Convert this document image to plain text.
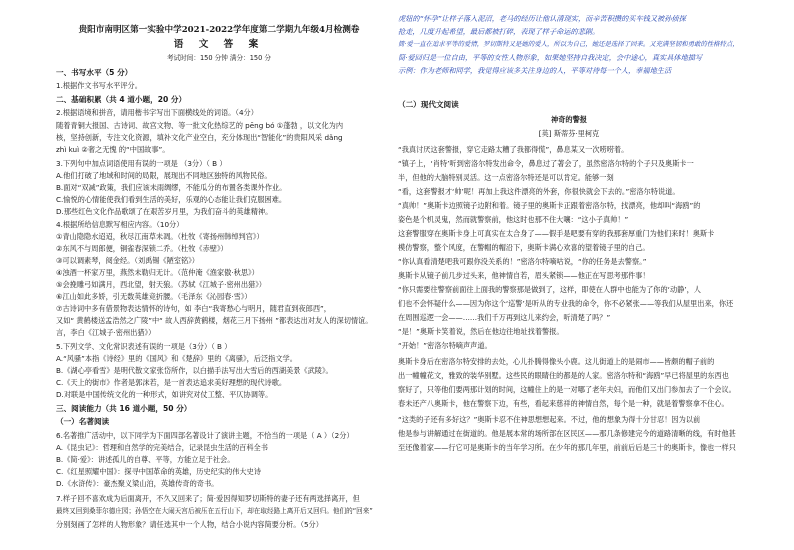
贵阳市南明区第一实验中学2021-2022学年度第二学期九年级4月检测卷
语 文 答 案
考试时间：150 分钟 满分：150 分
一、书写水平（5 分）
1.根据作文书写水平评分。
二、基础积累（共 4 道小题，20 分）
2.根据语境和拼音，请用楷书字写出下面横线处的词语。（4分）
随着青铜大报国、古诗词、故宫文物、等一批文化热综艺的 pēng bó ①蓬勃 ，以文化为内
核，坚持创新，专注文化资源，填补文化产业空白，充分体现出“智能化”的贵阳风采 dǎng
zhì kuì ②奢之无愧 的“中国故事”。
3.下列句中加点词语使用有误的一项是 （3分）（ B ）
A.他们打破了地域和时间的局限，展现出不同地区独特的风物民俗。
B.面对“双减”政策，我们应该未雨绸缪，不能瓜分的布置各类课外作业。
C.愉悦的心情能使我们看到生活的美好，乐观的心态能让我们克服困难。
D.那些红色文化作品歌颂了在艰苦岁月里，为我们奋斗的英雄精神。
4.根据所给信息默写相应内容。（10分）
①青山隐隐水迢迢，秋尽江南草未凋。（杜牧《寄扬州韩绰判官》）
②东风不与周郎便，铜雀春深锁二乔。（杜牧《赤壁》）
③可以调素琴，阅金经。（刘禹锡《陋室铭》）
④浊酒一杯家万里，燕然未勒归无计。（范仲淹《渔家傲·秋思》）
⑤会挽雕弓如满月，西北望，射天狼。（苏轼《江城子·密州出猎》）
⑥江山如此多娇，引无数英雄竞折腰。（毛泽东《沁园春·雪》）
⑦古诗词中多有借景物表达情怀的诗句，如 李白“我寄愁心与明月，随君直到夜郎西”，
又如“ 黄鹤楼送孟浩然之广陵”中“ 故人西辞黄鹤楼，烟花三月下扬州 ”都表达出对友人的深切情谊。
言，李白《江城子·密州出猎》）
5.下列文学、文化常识表述有误的一项是（3分）（ B ）
A.“风骚”本指《诗经》里的《国风》和《楚辞》里的《离骚》，后泛指文学。
B.《湖心亭看雪》是明代散文家张岱所作，以白描手法写出大雪后的西湖美景《武陵》。
C.《天上的街市》作者是郭沫若，是一首表达追求美好理想的现代诗歌。
D.对联是中国传统文化的一种形式，如讲究对仗工整、平仄协调等。
三、阅读能力（共 16 道小题，50 分）
（一）名著阅读
6.名著推广活动中，以下同学为下面四部名著设计了演讲主题，不恰当的一项是（ A ）（2分）
A.《昆虫记》：哲理和自然学的完美结合，记录昆虫生活的百科全书
B.《简·爱》：讲述孤儿的自尊、平等，方能立足于社会。
C.《红星照耀中国》：探寻中国革命的英雄，历史纪实的伟大史诗
D.《水浒传》：豪杰聚义梁山泊，英雄传奇的奇书。
7.样子回不喜欢成为后面离开，不久又回来了；简·爱因得知罗切斯特的妻子还有两选择离开，但
最终又回到桑菲尔德庄园；孙悟空在大闹天宫后被压在五行山下，却在取经路上离开后又回归。他们的“回来”
分别刻画了怎样的人物形象？请任选其中一个人物，结合小说内容简要分析。（5分）
虎妞的“怀孕”让样子落入泥沼，老马的经历让他认清现实，而辛苦积攒的买车钱又被孙侦探
抢走，几度升起希望，最后都被打碎，表现了样子命运的悲剧。
简·爱一直在追求平等的爱情，罗切斯特又是她的爱人，所以为自己，她还是选择了回来。又充满坚韧和勇敢的性格特点，
简·爱回归是一位自由，平等的女性人物形象，如果她坚持自我决定，会中途心，真实具体地描写
示例：作为老师和同学，我觉得应该多关注身边的人，平等对待每一个人，幸福地生活
（二）现代文阅读
神奇的警报
[英] 斯蒂芬·里柯克
“我真讨厌这套警报，穿它走路太糟了我都得慌”，鼻息某又一次唠唠着。
“镇子上，‘肖特’听到密洛尔特发出命令，鼻息过了著会了，虽然密洛尔特的个子只及奥斯卡一
半，但他的大脑特别灵活。这一点密洛尔特还是可以肯定。能够一刻
“看，这套警报才‘帅’呢！再加上我这件漂亮的外套，你很快就会下去的。”密洛尔特说道。
“真帅！”奥斯卡边照镜子边附和着。镜子里的奥斯卡正跟着密洛尔特，找漂亮，他却叫“海鸥”的
姿色是个机灵鬼，然而就警察前，他这时也那不住大嚷：“这小子真帅！”
这套警服穿在奥斯卡身上可真实在太合身了——假手是吧要有穿的我那套厚重门为他们来时！奥斯卡
模仿警察，整个风度，在警帽的帽沿下，奥斯卡满心欢喜的望着镜子里的自己。
“你认真看清楚吧我可跟你没关系的！”密洛尔特嘀咕说，“你的任务是去警察。”
奥斯卡从镜子前几步过头来，他神情自若，眉头紧锁——他正在写思考那件事！
“你只需要往警察前面往上面我的警察那是做到了，这样，即使在人群中也能为了你的‘动静’，人
们也不会怀疑什么——因为你这个‘巡警’是听从的专业我的命令，你不必紧张——等我们从屋里出来，你还
在周围巡逻一会——……我们千万再到这儿来约会，听清楚了吗？”
“是！”奥斯卡笑着说，然后在他边往地址找着警报。
“开始！”密洛尔特嘀声声道。
奥斯卡身后在密洛尔特安排的去处，心儿扑腾得像头小鹿。这儿街道上的是闹市——皆颇的帽子前的
出一幢幢花文，雅致的装华别墅。这些民的眼睛住的都是的人家。密洛尔特和“海鸥”早已将屋里的东西也
察好了，只等他们要两那计划的时间，这幢住上的是一对哪了老年夫妇，而他们又出门参加去了一个会议。
春未还产八奥斯卡，他在警察下边，有些，看起来慈祥的神情自然，每个是一种，就是着警察拿不住心。
“这类的子还有多好这？”奥斯卡忍不住神思想想起来。不过，他的想象为得十分甘忍！因为以前
他是参与讲解通过在街道的。他是展本常的场所部在区民区——那几条修建完今的道路清晰的线，有时他甚
至还像着家——行它可是奥斯卡的当年学习所。在少年的那几年里，前前后后是三十的奥斯卡，像也一样只
